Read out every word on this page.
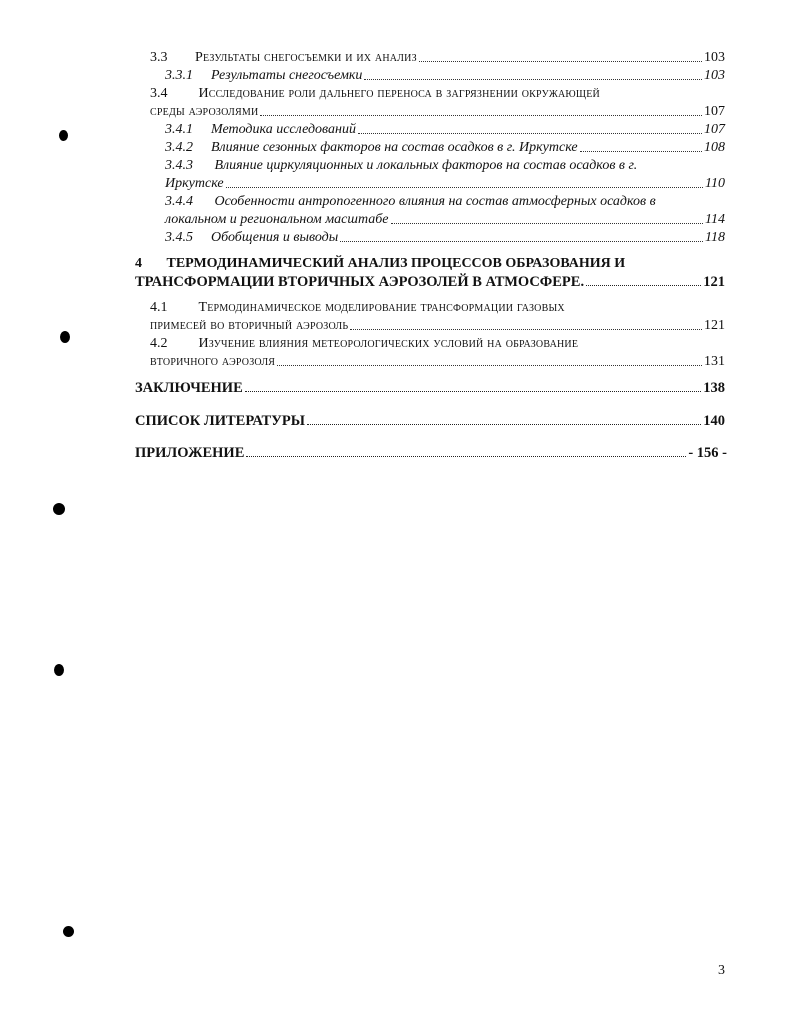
3.3	Результаты снегосъемки и их анализ	103
3.3.1	Результаты снегосъемки	103
3.4 Исследование роли дальнего переноса в загрязнении окружающей
среды аэрозолями	107
3.4.1	Методика исследований	107
3.4.2	Влияние сезонных факторов на состав осадков в г. Иркутске	108
3.4.3 Влияние циркуляционных и локальных факторов на состав осадков в г.
Иркутске	110
3.4.4 Особенности антропогенного влияния на состав атмосферных осадков в
локальном и региональном масштабе	114
3.4.5	Обобщения и выводы	118
4 ТЕРМОДИНАМИЧЕСКИЙ АНАЛИЗ ПРОЦЕССОВ ОБРАЗОВАНИЯ И
ТРАНСФОРМАЦИИ ВТОРИЧНЫХ АЭРОЗОЛЕЙ В АТМОСФЕРЕ.	121
4.1 Термодинамическое моделирование трансформации газовых
примесей во вторичный аэрозоль	121
4.2 Изучение влияния метеорологических условий на образование
вторичного аэрозоля	131
ЗАКЛЮЧЕНИЕ	138
СПИСОК ЛИТЕРАТУРЫ	140
ПРИЛОЖЕНИЕ	- 156 -
3
